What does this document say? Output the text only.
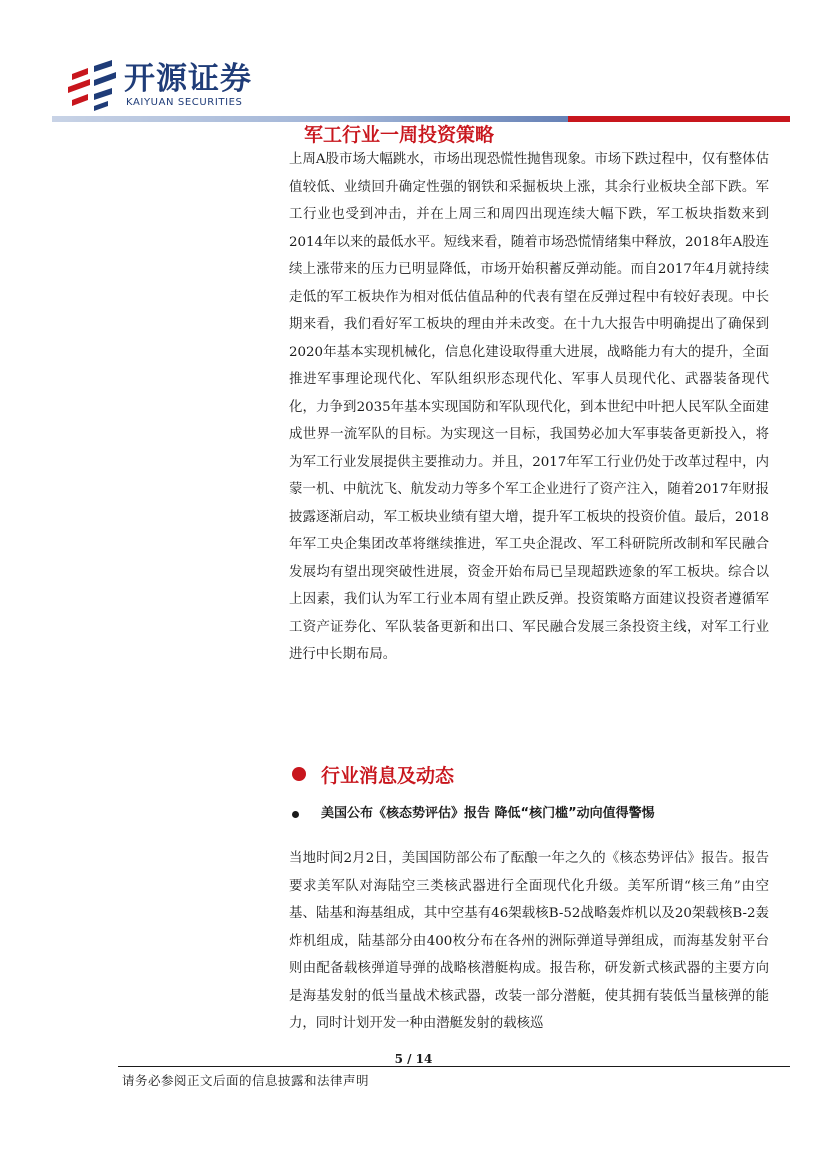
开源证券
KAIYUAN SECURITIES
军工行业一周投资策略

上周A股市场大幅跳水，市场出现恐慌性抛售现象。市场下跌过程中，仅有整体估值较低、业绩回升确定性强的钢铁和采掘板块上涨，其余行业板块全部下跌。军工行业也受到冲击，并在上周三和周四出现连续大幅下跌，军工板块指数来到2014年以来的最低水平。短线来看，随着市场恐慌情绪集中释放，2018年A股连续上涨带来的压力已明显降低，市场开始积蓄反弹动能。而自2017年4月就持续走低的军工板块作为相对低估值品种的代表有望在反弹过程中有较好表现。中长期来看，我们看好军工板块的理由并未改变。在十九大报告中明确提出了确保到2020年基本实现机械化，信息化建设取得重大进展，战略能力有大的提升，全面推进军事理论现代化、军队组织形态现代化、军事人员现代化、武器装备现代化，力争到2035年基本实现国防和军队现代化，到本世纪中叶把人民军队全面建成世界一流军队的目标。为实现这一目标，我国势必加大军事装备更新投入，将为军工行业发展提供主要推动力。并且，2017年军工行业仍处于改革过程中，内蒙一机、中航沈飞、航发动力等多个军工企业进行了资产注入，随着2017年财报披露逐渐启动，军工板块业绩有望大增，提升军工板块的投资价值。最后，2018年军工央企集团改革将继续推进，军工央企混改、军工科研院所改制和军民融合发展均有望出现突破性进展，资金开始布局已呈现超跌迹象的军工板块。综合以上因素，我们认为军工行业本周有望止跌反弹。投资策略方面建议投资者遵循军工资产证券化、军队装备更新和出口、军民融合发展三条投资主线，对军工行业进行中长期布局。

行业消息及动态
美国公布《核态势评估》报告 降低“核门槛”动向值得警惕

当地时间2月2日，美国国防部公布了酝酿一年之久的《核态势评估》报告。报告要求美军队对海陆空三类核武器进行全面现代化升级。美军所谓“核三角”由空基、陆基和海基组成，其中空基有46架载核B-52战略轰炸机以及20架载核B-2轰炸机组成，陆基部分由400枚分布在各州的洲际弹道导弹组成，而海基发射平台则由配备载核弹道导弹的战略核潜艇构成。报告称，研发新式核武器的主要方向是海基发射的低当量战术核武器，改装一部分潜艇，使其拥有装低当量核弹的能力，同时计划开发一种由潜艇发射的载核巡

5 / 14
请务必参阅正文后面的信息披露和法律声明
